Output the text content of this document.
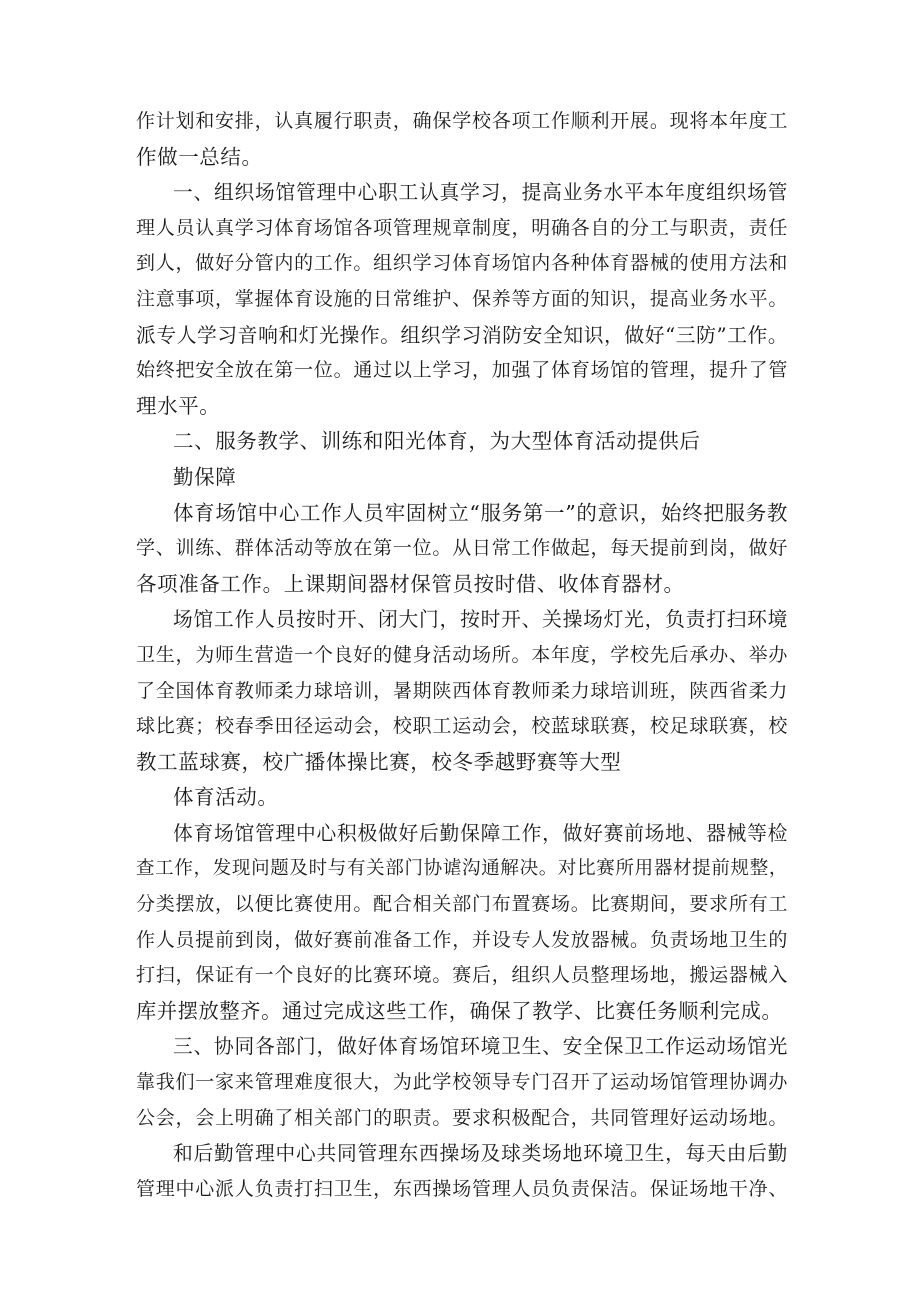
作计划和安排，认真履行职责，确保学校各项工作顺利开展。现将本年度工
作做一总结。
一、组织场馆管理中心职工认真学习，提高业务水平本年度组织场管
理人员认真学习体育场馆各项管理规章制度，明确各自的分工与职责，责任
到人，做好分管内的工作。组织学习体育场馆内各种体育器械的使用方法和
注意事项，掌握体育设施的日常维护、保养等方面的知识，提高业务水平。
派专人学习音响和灯光操作。组织学习消防安全知识，做好“三防”工作。
始终把安全放在第一位。通过以上学习，加强了体育场馆的管理，提升了管
理水平。
二、服务教学、训练和阳光体育，为大型体育活动提供后
勤保障
体育场馆中心工作人员牢固树立“服务第一”的意识，始终把服务教
学、训练、群体活动等放在第一位。从日常工作做起，每天提前到岗，做好
各项准备工作。上课期间器材保管员按时借、收体育器材。
场馆工作人员按时开、闭大门，按时开、关操场灯光，负责打扫环境
卫生，为师生营造一个良好的健身活动场所。本年度，学校先后承办、举办
了全国体育教师柔力球培训，暑期陕西体育教师柔力球培训班，陕西省柔力
球比赛；校春季田径运动会，校职工运动会，校蓝球联赛，校足球联赛，校
教工蓝球赛，校广播体操比赛，校冬季越野赛等大型
体育活动。
体育场馆管理中心积极做好后勤保障工作，做好赛前场地、器械等检
查工作，发现问题及时与有关部门协谑沟通解决。对比赛所用器材提前规整，
分类摆放，以便比赛使用。配合相关部门布置赛场。比赛期间，要求所有工
作人员提前到岗，做好赛前准备工作，并设专人发放器械。负责场地卫生的
打扫，保证有一个良好的比赛环境。赛后，组织人员整理场地，搬运器械入
库并摆放整齐。通过完成这些工作，确保了教学、比赛任务顺利完成。
三、协同各部门，做好体育场馆环境卫生、安全保卫工作运动场馆光
靠我们一家来管理难度很大，为此学校领导专门召开了运动场馆管理协调办
公会，会上明确了相关部门的职责。要求积极配合，共同管理好运动场地。
和后勤管理中心共同管理东西操场及球类场地环境卫生，每天由后勤
管理中心派人负责打扫卫生，东西操场管理人员负责保洁。保证场地干净、
